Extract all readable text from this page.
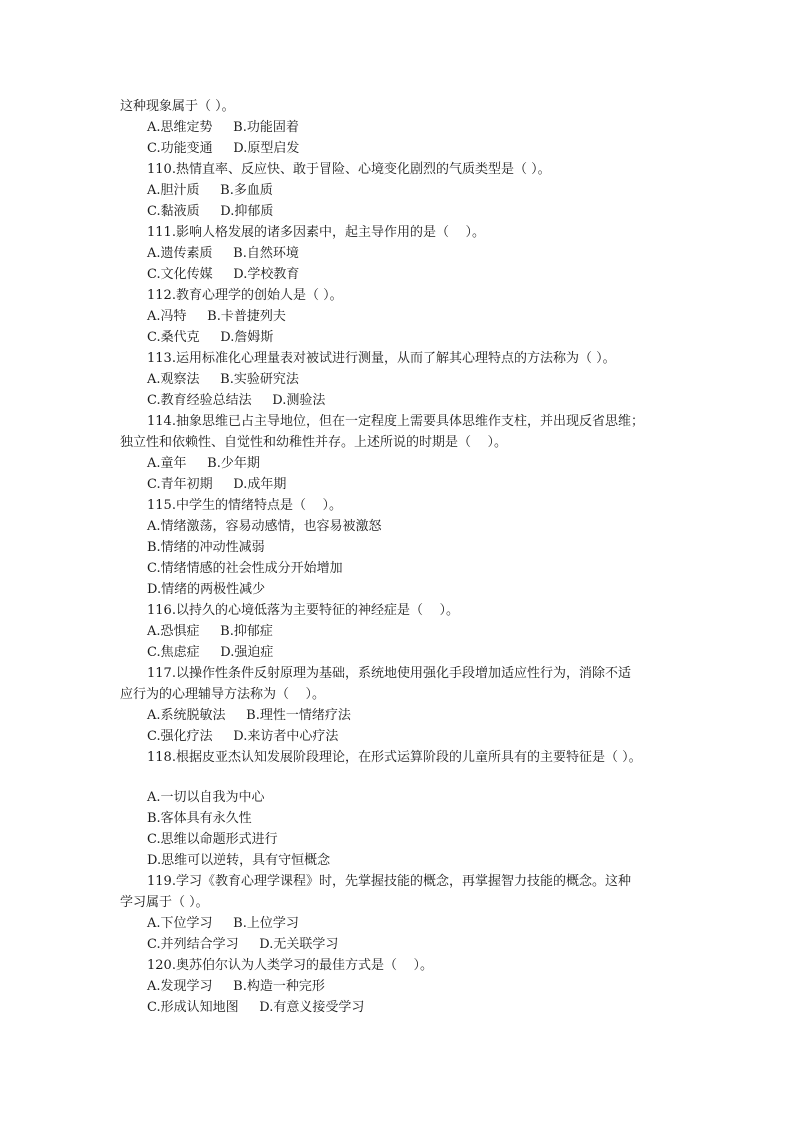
这种现象属于（ ）。
A.思维定势     B.功能固着
C.功能变通     D.原型启发
110.热情直率、反应快、敢于冒险、心境变化剧烈的气质类型是（ ）。
A.胆汁质     B.多血质
C.黏液质     D.抑郁质
111.影响人格发展的诸多因素中，起主导作用的是（    ）。
A.遗传素质     B.自然环境
C.文化传媒     D.学校教育
112.教育心理学的创始人是（ ）。
A.冯特     B.卡普捷列夫
C.桑代克     D.詹姆斯
113.运用标准化心理量表对被试进行测量，从而了解其心理特点的方法称为（ ）。
A.观察法     B.实验研究法
C.教育经验总结法     D.测验法
114.抽象思维已占主导地位，但在一定程度上需要具体思维作支柱，并出现反省思维；
独立性和依赖性、自觉性和幼稚性并存。上述所说的时期是（    ）。
A.童年     B.少年期
C.青年初期     D.成年期
115.中学生的情绪特点是（    ）。
A.情绪激荡，容易动感情，也容易被激怒
B.情绪的冲动性减弱
C.情绪情感的社会性成分开始增加
D.情绪的两极性减少
116.以持久的心境低落为主要特征的神经症是（    ）。
A.恐惧症     B.抑郁症
C.焦虑症     D.强迫症
117.以操作性条件反射原理为基础，系统地使用强化手段增加适应性行为，消除不适
应行为的心理辅导方法称为（    ）。
A.系统脱敏法     B.理性一情绪疗法
C.强化疗法     D.来访者中心疗法
118.根据皮亚杰认知发展阶段理论，在形式运算阶段的儿童所具有的主要特征是（ ）。
A.一切以自我为中心
B.客体具有永久性
C.思维以命题形式进行
D.思维可以逆转，具有守恒概念
119.学习《教育心理学课程》时，先掌握技能的概念，再掌握智力技能的概念。这种
学习属于（ ）。
A.下位学习     B.上位学习
C.并列结合学习     D.无关联学习
120.奥苏伯尔认为人类学习的最佳方式是（    ）。
A.发现学习     B.构造一种完形
C.形成认知地图     D.有意义接受学习
